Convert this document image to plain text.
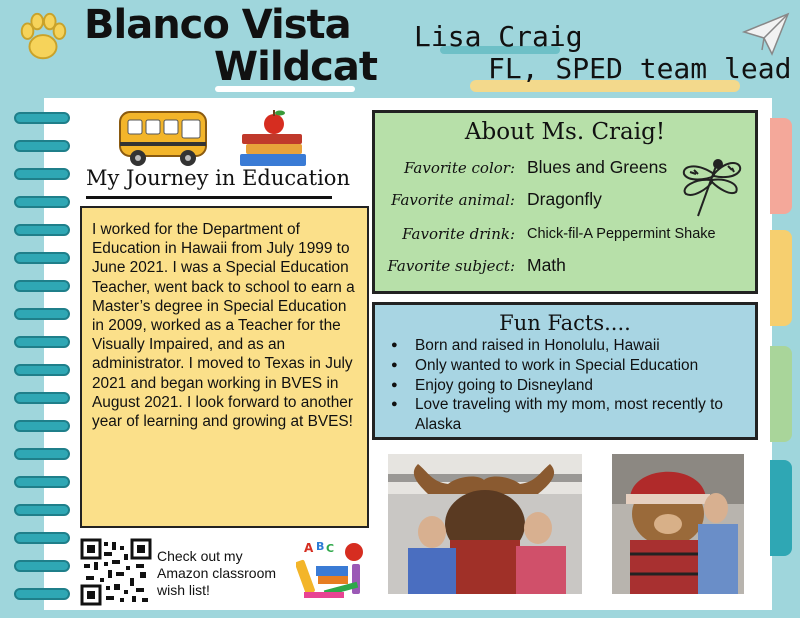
Blanco Vista
Wildcat
Lisa Craig
FL, SPED team lead
My Journey in Education
I worked for the Department of Education in Hawaii from July 1999 to June 2021. I was a Special Education Teacher, went back to school to earn a Master’s degree in Special Education in 2009, worked as a Teacher for the Visually Impaired, and as an administrator. I moved to Texas in July 2021 and began working in BVES in August 2021. I look forward to another year of learning and growing at BVES!
Check out my Amazon classroom wish list!
A B C
About Ms. Craig!
Favorite color: Blues and Greens
Favorite animal: Dragonfly
Favorite drink: Chick-fil-A Peppermint Shake
Favorite subject: Math
Fun Facts....
● Born and raised in Honolulu, Hawaii
● Only wanted to work in Special Education
● Enjoy going to Disneyland
● Love traveling with my mom, most recently to Alaska
